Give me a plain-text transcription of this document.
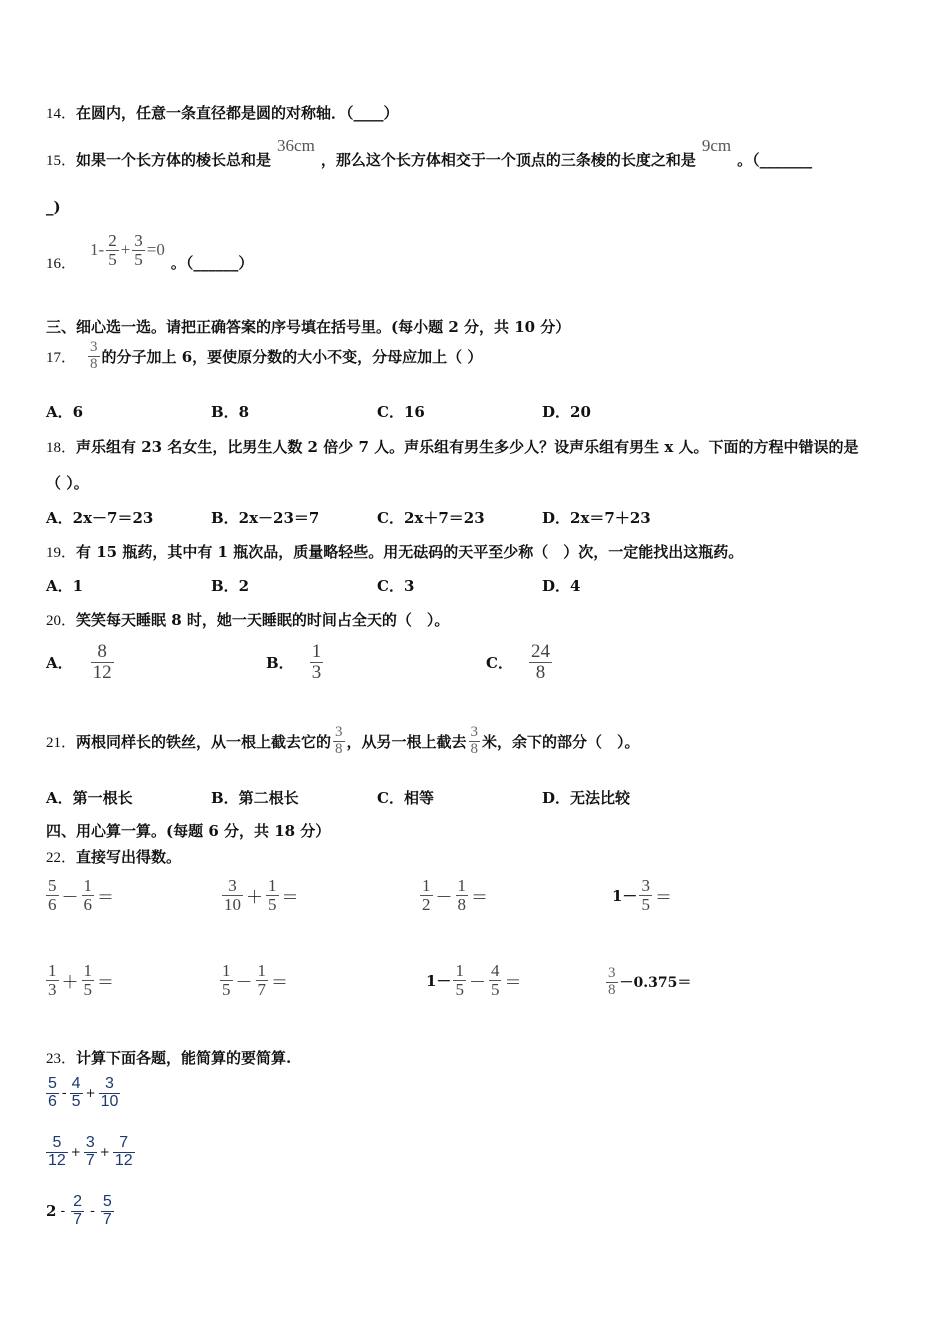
14．在圆内，任意一条直径都是圆的对称轴．（____）
15．如果一个长方体的棱长总和是36cm，那么这个长方体相交于一个顶点的三条棱的长度之和是9cm。（_______
_)
16．
$1- \frac{2}{5} + \frac{3}{5} =0$
。（______）
三、细心选一选。请把正确答案的序号填在括号里。(每小题 2 分，共 10 分）
17． $\frac{3}{8}$ 的分子加上 6，要使原分数的大小不变，分母应加上（ ）
A．6	B．8	C．16	D．20
18．声乐组有 23 名女生，比男生人数 2 倍少 7 人。声乐组有男生多少人？设声乐组有男生 x 人。下面的方程中错误的是
（ ）。
A．2x－7＝23	B．2x－23＝7	C．2x＋7＝23	D．2x＝7＋23
19．有 15 瓶药，其中有 1 瓶次品，质量略轻些。用无砝码的天平至少称（　）次，一定能找出这瓶药。
A．1	B．2	C．3	D．4
20．笑笑每天睡眠 8 时，她一天睡眠的时间占全天的（　）。
A． $\frac{8}{12}$	B． $\frac{1}{3}$	C． $\frac{24}{8}$
21． 两根同样长的铁丝，从一根上截去它的 $\frac{3}{8}$ ，从另一根上截去 $\frac{3}{8}$ 米，余下的部分（　）。
A．第一根长	B．第二根长	C．相等	D．无法比较
四、用心算一算。(每题 6 分，共 18 分）
22．直接写出得数。
$\frac{5}{6} - \frac{1}{6}$ ＝	$\frac{3}{10} + \frac{1}{5}$ ＝	$\frac{1}{2} - \frac{1}{8}$ ＝	$1- \frac{3}{5}$ ＝
$\frac{1}{3} + \frac{1}{5}$ ＝	$\frac{1}{5} - \frac{1}{7}$ ＝	$1- \frac{1}{5} - \frac{4}{5}$ ＝	$\frac{3}{8} -0.375=$
23．计算下面各题，能简算的要简算.
$\frac{5}{6} - \frac{4}{5} + \frac{3}{10}$
$\frac{5}{12} + \frac{3}{7} + \frac{7}{12}$
$2 - \frac{2}{7} - \frac{5}{7}$
